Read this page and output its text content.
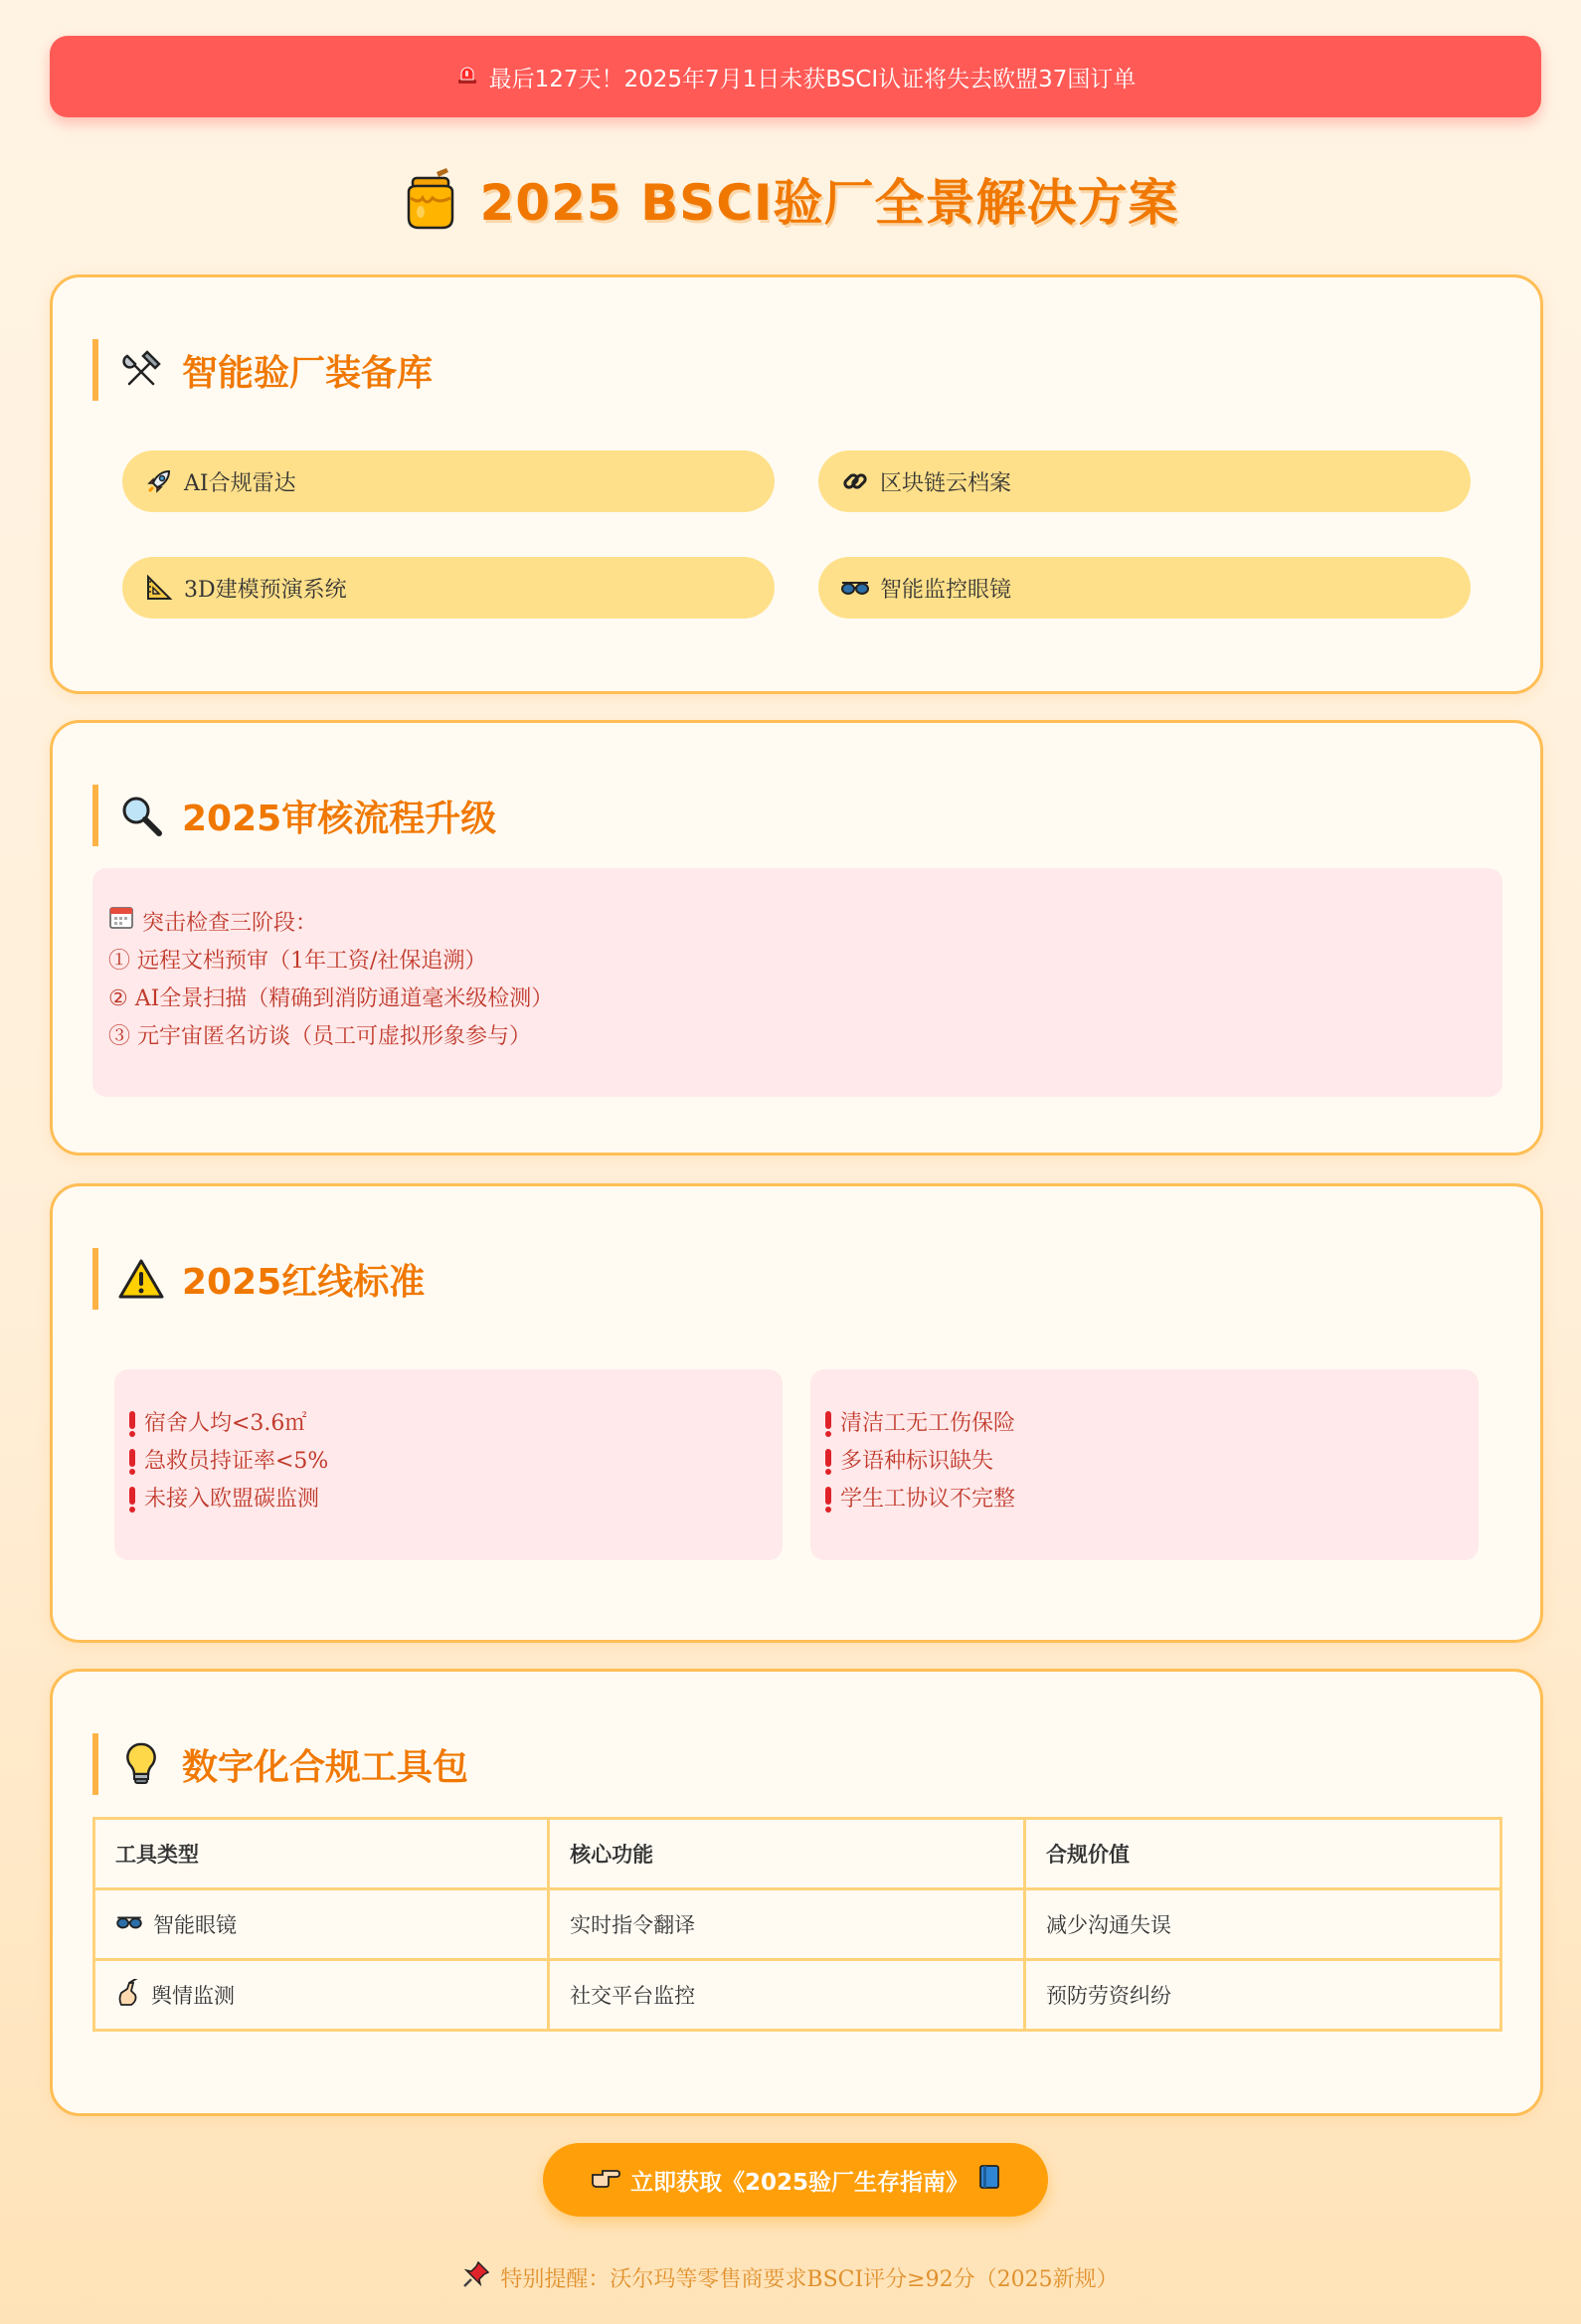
最后127天！2025年7月1日未获BSCI认证将失去欧盟37国订单
2025 BSCI验厂全景解决方案
智能验厂装备库
AI合规雷达	区块链云档案
3D建模预演系统	智能监控眼镜
2025审核流程升级
突击检查三阶段：
① 远程文档预审（1年工资/社保追溯）
② AI全景扫描（精确到消防通道毫米级检测）
③ 元宇宙匿名访谈（员工可虚拟形象参与）
2025红线标准
宿舍人均<3.6㎡
急救员持证率<5%
未接入欧盟碳监测
清洁工无工伤保险
多语种标识缺失
学生工协议不完整
数字化合规工具包
工具类型	核心功能	合规价值

智能眼镜	实时指令翻译	减少沟通失误

舆情监测	社交平台监控	预防劳资纠纷
立即获取《2025验厂生存指南》
特别提醒：沃尔玛等零售商要求BSCI评分≥92分（2025新规）
